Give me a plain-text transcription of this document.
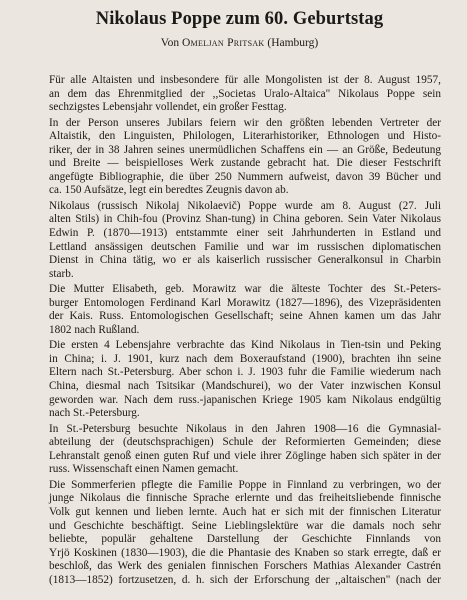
Nikolaus Poppe zum 60. Geburtstag
Von Omeljan Pritsak (Hamburg)

Für alle Altaisten und insbesondere für alle Mongolisten ist der 8. August 1957,
an dem das Ehrenmitglied der ,,Societas Uralo-Altaica" Nikolaus Poppe sein
sechzigstes Lebensjahr vollendet, ein großer Festtag.

In der Person unseres Jubilars feiern wir den größten lebenden Vertreter der
Altaistik, den Linguisten, Philologen, Literarhistoriker, Ethnologen und Histo-
riker, der in 38 Jahren seines unermüdlichen Schaffens ein — an Größe, Bedeutung
und Breite — beispielloses Werk zustande gebracht hat. Die dieser Festschrift
angefügte Bibliographie, die über 250 Nummern aufweist, davon 39 Bücher und
ca. 150 Aufsätze, legt ein beredtes Zeugnis davon ab.

Nikolaus (russisch Nikolaj Nikolaevič) Poppe wurde am 8. August (27. Juli
alten Stils) in Chih-fou (Provinz Shan-tung) in China geboren. Sein Vater Nikolaus
Edwin P. (1870—1913) entstammte einer seit Jahrhunderten in Estland und
Lettland ansässigen deutschen Familie und war im russischen diplomatischen
Dienst in China tätig, wo er als kaiserlich russischer Generalkonsul in Charbin
starb.

Die Mutter Elisabeth, geb. Morawitz war die älteste Tochter des St.-Peters-
burger Entomologen Ferdinand Karl Morawitz (1827—1896), des Vizepräsidenten
der Kais. Russ. Entomologischen Gesellschaft; seine Ahnen kamen um das Jahr
1802 nach Rußland.

Die ersten 4 Lebensjahre verbrachte das Kind Nikolaus in Tien-tsin und Peking
in China; i. J. 1901, kurz nach dem Boxeraufstand (1900), brachten ihn seine
Eltern nach St.-Petersburg. Aber schon i. J. 1903 fuhr die Familie wiederum nach
China, diesmal nach Tsitsikar (Mandschurei), wo der Vater inzwischen Konsul
geworden war. Nach dem russ.-japanischen Kriege 1905 kam Nikolaus endgültig
nach St.-Petersburg.

In St.-Petersburg besuchte Nikolaus in den Jahren 1908—16 die Gymnasial-
abteilung der (deutschsprachigen) Schule der Reformierten Gemeinden; diese
Lehranstalt genoß einen guten Ruf und viele ihrer Zöglinge haben sich später in der
russ. Wissenschaft einen Namen gemacht.

Die Sommerferien pflegte die Familie Poppe in Finnland zu verbringen, wo der
junge Nikolaus die finnische Sprache erlernte und das freiheitsliebende finnische
Volk gut kennen und lieben lernte. Auch hat er sich mit der finnischen Literatur
und Geschichte beschäftigt. Seine Lieblingslektüre war die damals noch sehr
beliebte, populär gehaltene Darstellung der Geschichte Finnlands von
Yrjö Koskinen (1830—1903), die die Phantasie des Knaben so stark erregte, daß er
beschloß, das Werk des genialen finnischen Forschers Mathias Alexander Castrén
(1813—1852) fortzusetzen, d. h. sich der Erforschung der ,,altaischen" (nach der
